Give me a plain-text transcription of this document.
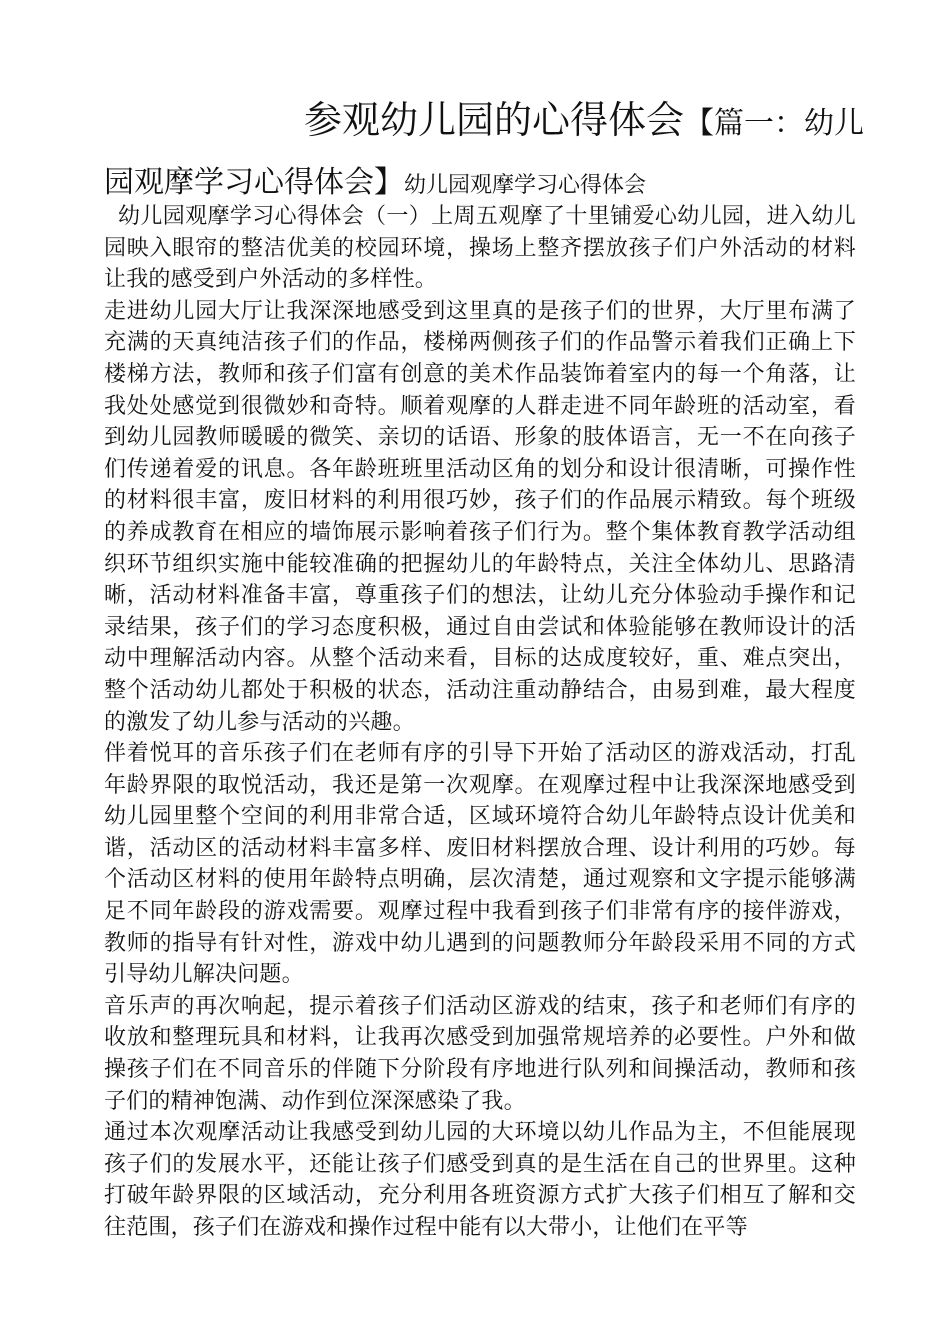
参观幼儿园的心得体会【篇一：幼儿
园观摩学习心得体会】幼儿园观摩学习心得体会

幼儿园观摩学习心得体会（一）上周五观摩了十里铺爱心幼儿园，进入幼儿园映入眼帘的整洁优美的校园环境，操场上整齐摆放孩子们户外活动的材料让我的感受到户外活动的多样性。

走进幼儿园大厅让我深深地感受到这里真的是孩子们的世界，大厅里布满了充满的天真纯洁孩子们的作品，楼梯两侧孩子们的作品警示着我们正确上下楼梯方法，教师和孩子们富有创意的美术作品装饰着室内的每一个角落，让我处处感觉到很微妙和奇特。顺着观摩的人群走进不同年龄班的活动室，看到幼儿园教师暖暖的微笑、亲切的话语、形象的肢体语言，无一不在向孩子们传递着爱的讯息。各年龄班班里活动区角的划分和设计很清晰，可操作性的材料很丰富，废旧材料的利用很巧妙，孩子们的作品展示精致。每个班级的养成教育在相应的墙饰展示影响着孩子们行为。整个集体教育教学活动组织环节组织实施中能较准确的把握幼儿的年龄特点，关注全体幼儿、思路清晰，活动材料准备丰富，尊重孩子们的想法，让幼儿充分体验动手操作和记录结果，孩子们的学习态度积极，通过自由尝试和体验能够在教师设计的活动中理解活动内容。从整个活动来看，目标的达成度较好，重、难点突出，整个活动幼儿都处于积极的状态，活动注重动静结合，由易到难，最大程度的激发了幼儿参与活动的兴趣。

伴着悦耳的音乐孩子们在老师有序的引导下开始了活动区的游戏活动，打乱年龄界限的取悦活动，我还是第一次观摩。在观摩过程中让我深深地感受到幼儿园里整个空间的利用非常合适，区域环境符合幼儿年龄特点设计优美和谐，活动区的活动材料丰富多样、废旧材料摆放合理、设计利用的巧妙。每个活动区材料的使用年龄特点明确，层次清楚，通过观察和文字提示能够满足不同年龄段的游戏需要。观摩过程中我看到孩子们非常有序的接伴游戏，教师的指导有针对性，游戏中幼儿遇到的问题教师分年龄段采用不同的方式引导幼儿解决问题。

音乐声的再次响起，提示着孩子们活动区游戏的结束，孩子和老师们有序的收放和整理玩具和材料，让我再次感受到加强常规培养的必要性。户外和做操孩子们在不同音乐的伴随下分阶段有序地进行队列和间操活动，教师和孩子们的精神饱满、动作到位深深感染了我。

通过本次观摩活动让我感受到幼儿园的大环境以幼儿作品为主，不但能展现孩子们的发展水平，还能让孩子们感受到真的是生活在自己的世界里。这种打破年龄界限的区域活动，充分利用各班资源方式扩大孩子们相互了解和交往范围，孩子们在游戏和操作过程中能有以大带小，让他们在平等
